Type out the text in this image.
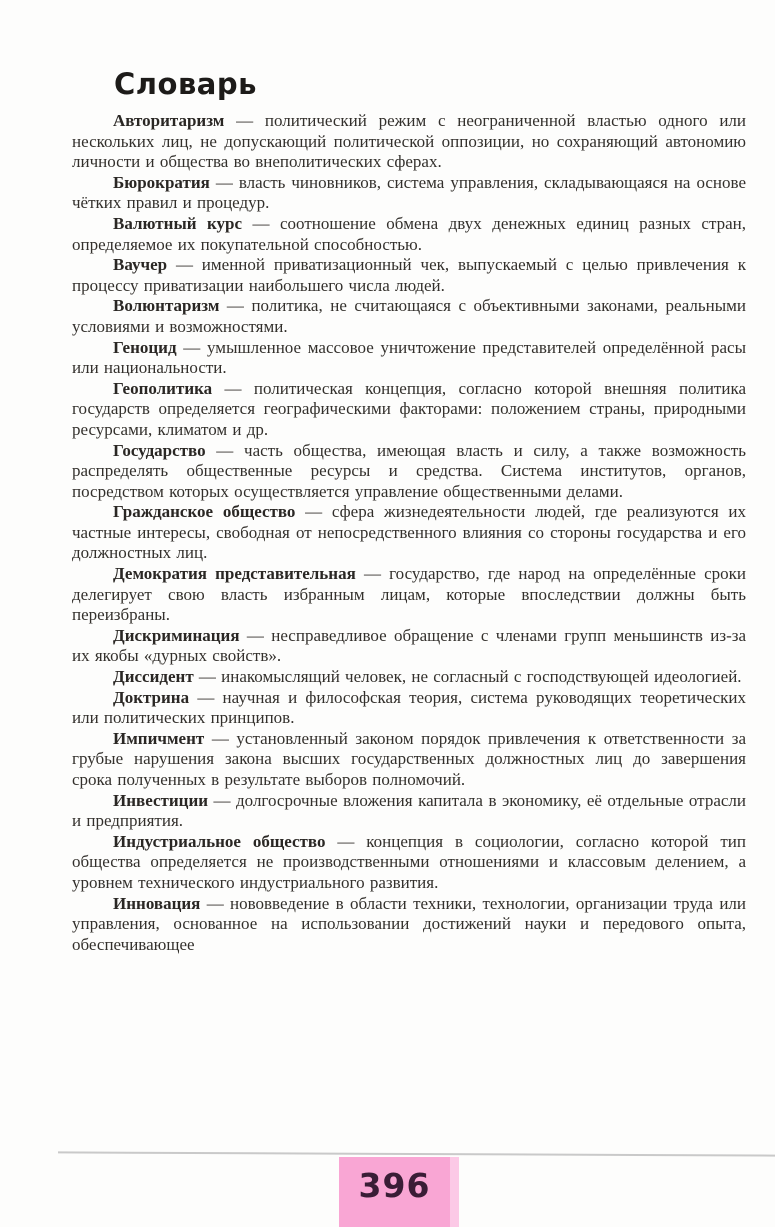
Словарь

Авторитаризм — политический режим с неограниченной властью одного или нескольких лиц, не допускающий политической оппозиции, но сохраняющий автономию личности и общества во внеполитических сферах.

Бюрократия — власть чиновников, система управления, складывающаяся на основе чётких правил и процедур.

Валютный курс — соотношение обмена двух денежных единиц разных стран, определяемое их покупательной способностью.

Ваучер — именной приватизационный чек, выпускаемый с целью привлечения к процессу приватизации наибольшего числа людей.

Волюнтаризм — политика, не считающаяся с объективными законами, реальными условиями и возможностями.

Геноцид — умышленное массовое уничтожение представителей определённой расы или национальности.

Геополитика — политическая концепция, согласно которой внешняя политика государств определяется географическими факторами: положением страны, природными ресурсами, климатом и др.

Государство — часть общества, имеющая власть и силу, а также возможность распределять общественные ресурсы и средства. Система институтов, органов, посредством которых осуществляется управление общественными делами.

Гражданское общество — сфера жизнедеятельности людей, где реализуются их частные интересы, свободная от непосредственного влияния со стороны государства и его должностных лиц.

Демократия представительная — государство, где народ на определённые сроки делегирует свою власть избранным лицам, которые впоследствии должны быть переизбраны.

Дискриминация — несправедливое обращение с членами групп меньшинств из-за их якобы «дурных свойств».

Диссидент — инакомыслящий человек, не согласный с господствующей идеологией.

Доктрина — научная и философская теория, система руководящих теоретических или политических принципов.

Импичмент — установленный законом порядок привлечения к ответственности за грубые нарушения закона высших государственных должностных лиц до завершения срока полученных в результате выборов полномочий.

Инвестиции — долгосрочные вложения капитала в экономику, её отдельные отрасли и предприятия.

Индустриальное общество — концепция в социологии, согласно которой тип общества определяется не производственными отношениями и классовым делением, а уровнем технического индустриального развития.

Инновация — нововведение в области техники, технологии, организации труда или управления, основанное на использовании достижений науки и передового опыта, обеспечивающее

396
